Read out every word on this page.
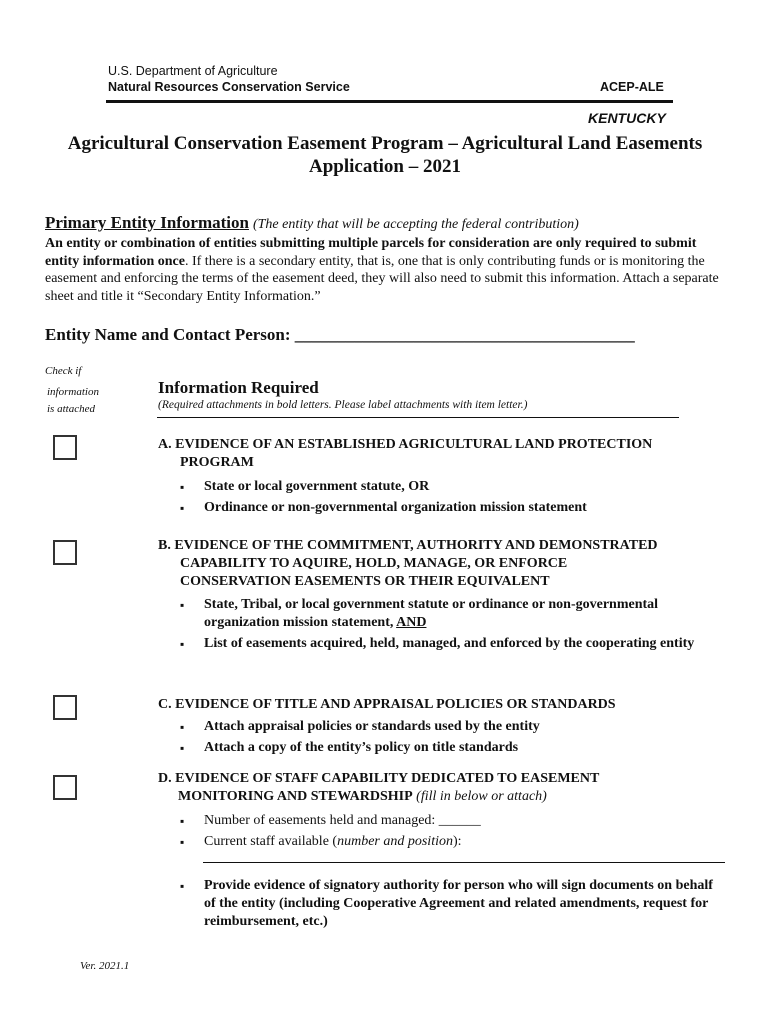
U.S. Department of Agriculture
Natural Resources Conservation Service	ACEP-ALE
KENTUCKY
Agricultural Conservation Easement Program – Agricultural Land Easements
Application – 2021
Primary Entity Information (The entity that will be accepting the federal contribution)
An entity or combination of entities submitting multiple parcels for consideration are only required to submit entity information once. If there is a secondary entity, that is, one that is only contributing funds or is monitoring the easement and enforcing the terms of the easement deed, they will also need to submit this information. Attach a separate sheet and title it “Secondary Entity Information.”
Entity Name and Contact Person: ________________________________________
Check if
information
is attached
Information Required
(Required attachments in bold letters. Please label attachments with item letter.)
A. EVIDENCE OF AN ESTABLISHED AGRICULTURAL LAND PROTECTION
PROGRAM
▪ State or local government statute, OR
▪ Ordinance or non-governmental organization mission statement
B. EVIDENCE OF THE COMMITMENT, AUTHORITY AND DEMONSTRATED
CAPABILITY TO AQUIRE, HOLD, MANAGE, OR ENFORCE
CONSERVATION EASEMENTS OR THEIR EQUIVALENT
▪ State, Tribal, or local government statute or ordinance or non-governmental organization mission statement, AND
▪ List of easements acquired, held, managed, and enforced by the cooperating entity
C. EVIDENCE OF TITLE AND APPRAISAL POLICIES OR STANDARDS
▪ Attach appraisal policies or standards used by the entity
▪ Attach a copy of the entity’s policy on title standards
D. EVIDENCE OF STAFF CAPABILITY DEDICATED TO EASEMENT
MONITORING AND STEWARDSHIP (fill in below or attach)
▪ Number of easements held and managed: ______
▪ Current staff available (number and position):
▪ Provide evidence of signatory authority for person who will sign documents on behalf of the entity (including Cooperative Agreement and related amendments, request for reimbursement, etc.)
Ver. 2021.1
